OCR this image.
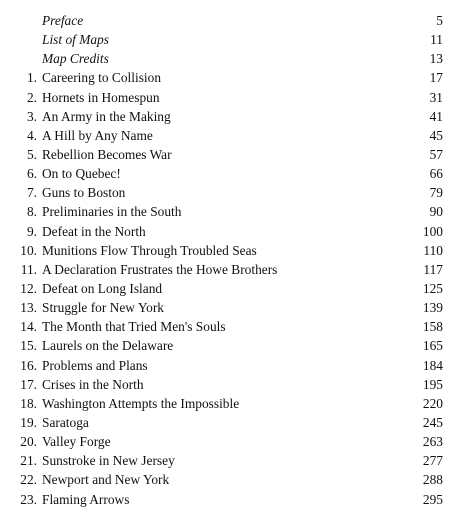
Preface	5
List of Maps	11
Map Credits	13
1. Careering to Collision	17
2. Hornets in Homespun	31
3. An Army in the Making	41
4. A Hill by Any Name	45
5. Rebellion Becomes War	57
6. On to Quebec!	66
7. Guns to Boston	79
8. Preliminaries in the South	90
9. Defeat in the North	100
10. Munitions Flow Through Troubled Seas	110
11. A Declaration Frustrates the Howe Brothers	117
12. Defeat on Long Island	125
13. Struggle for New York	139
14. The Month that Tried Men's Souls	158
15. Laurels on the Delaware	165
16. Problems and Plans	184
17. Crises in the North	195
18. Washington Attempts the Impossible	220
19. Saratoga	245
20. Valley Forge	263
21. Sunstroke in New Jersey	277
22. Newport and New York	288
23. Flaming Arrows	295
